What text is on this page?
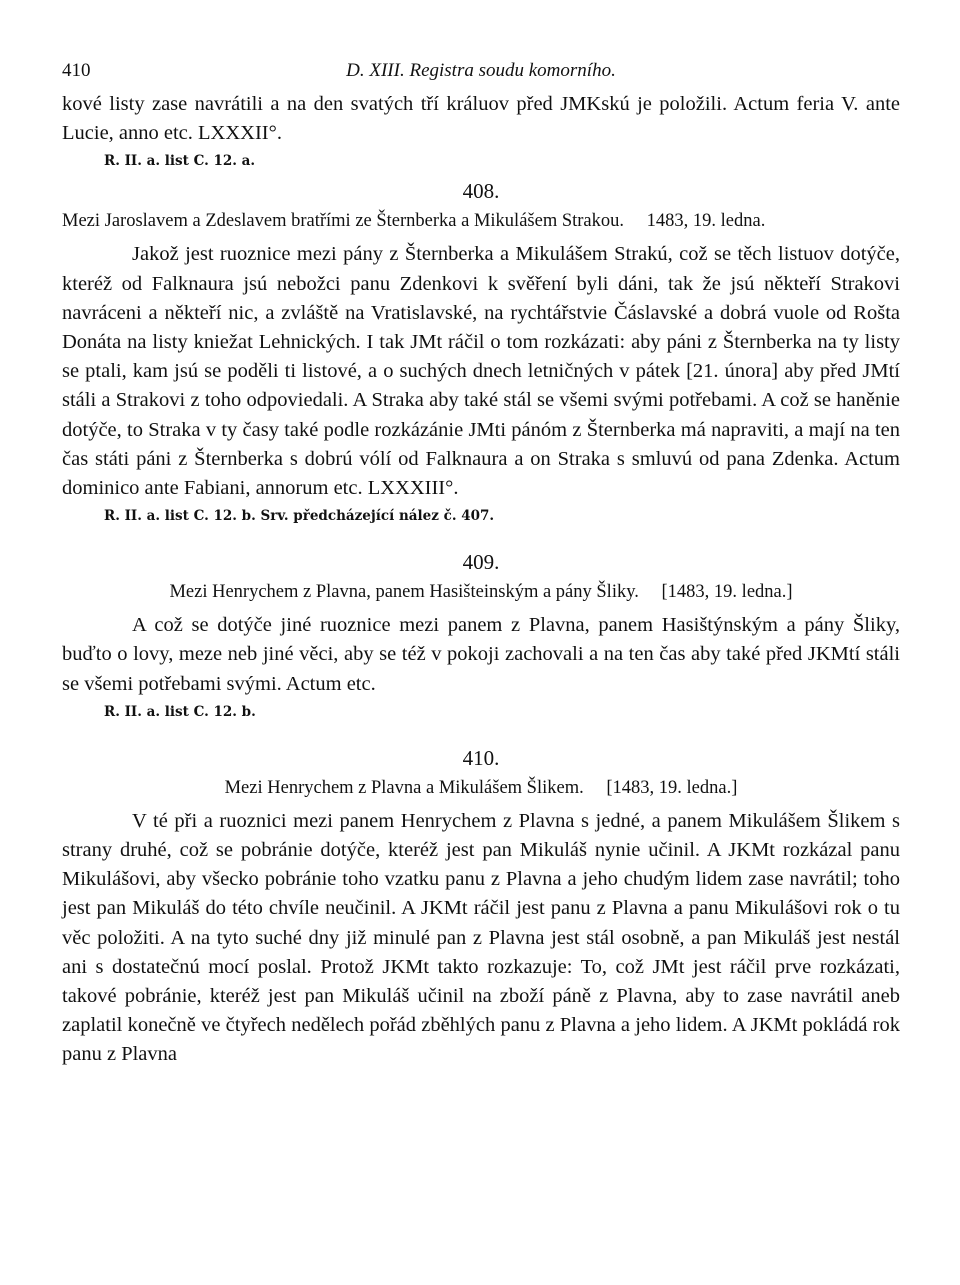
410	D. XIII. Registra soudu komorního.

kové listy zase navrátili a na den svatých tří králuov před JMKskú je položili. Actum feria V. ante Lucie, anno etc. LXXXII°.

R. II. a. list C. 12. a.
408.
Mezi Jaroslavem a Zdeslavem bratřími ze Šternberka a Mikulášem Strakou. 1483, 19. ledna.

Jakož jest ruoznice mezi pány z Šternberka a Mikulášem Strakú, což se těch listuov dotýče, kteréž od Falknaura jsú nebožci panu Zdenkovi k svěření byli dáni, tak že jsú někteří Strakovi navráceni a někteří nic, a zvláště na Vratislavské, na rychtářstvie Čáslavské a dobrá vuole od Rošta Donáta na listy kniežat Lehnických. I tak JMt ráčil o tom rozkázati: aby páni z Šternberka na ty listy se ptali, kam jsú se poděli ti listové, a o suchých dnech letničných v pátek [21. února] aby před JMtí stáli a Strakovi z toho odpoviedali. A Straka aby také stál se všemi svými potřebami. A což se haněnie dotýče, to Straka v ty časy také podle rozkázánie JMti pánóm z Šternberka má napraviti, a mají na ten čas státi páni z Šternberka s dobrú vólí od Falknaura a on Straka s smluvú od pana Zdenka. Actum dominico ante Fabiani, annorum etc. LXXXIII°.

R. II. a. list C. 12. b. Srv. předcházející nález č. 407.
409.
Mezi Henrychem z Plavna, panem Hasišteinským a pány Šliky. [1483, 19. ledna.]

A což se dotýče jiné ruoznice mezi panem z Plavna, panem Hasištýnským a pány Šliky, buďto o lovy, meze neb jiné věci, aby se též v pokoji zachovali a na ten čas aby také před JKMtí stáli se všemi potřebami svými. Actum etc.

R. II. a. list C. 12. b.
410.
Mezi Henrychem z Plavna a Mikulášem Šlikem. [1483, 19. ledna.]

V té při a ruoznici mezi panem Henrychem z Plavna s jedné, a panem Mikulášem Šlikem s strany druhé, což se pobránie dotýče, kteréž jest pan Mikuláš nynie učinil. A JKMt rozkázal panu Mikulášovi, aby všecko pobránie toho vzatku panu z Plavna a jeho chudým lidem zase navrátil; toho jest pan Mikuláš do této chvíle neučinil. A JKMt ráčil jest panu z Plavna a panu Mikulášovi rok o tu věc položiti. A na tyto suché dny již minulé pan z Plavna jest stál osobně, a pan Mikuláš jest nestál ani s dostatečnú mocí poslal. Protož JKMt takto rozkazuje: To, což JMt jest ráčil prve rozkázati, takové pobránie, kteréž jest pan Mikuláš učinil na zboží páně z Plavna, aby to zase navrátil aneb zaplatil konečně ve čtyřech nedělech pořád zběhlých panu z Plavna a jeho lidem. A JKMt pokládá rok panu z Plavna
